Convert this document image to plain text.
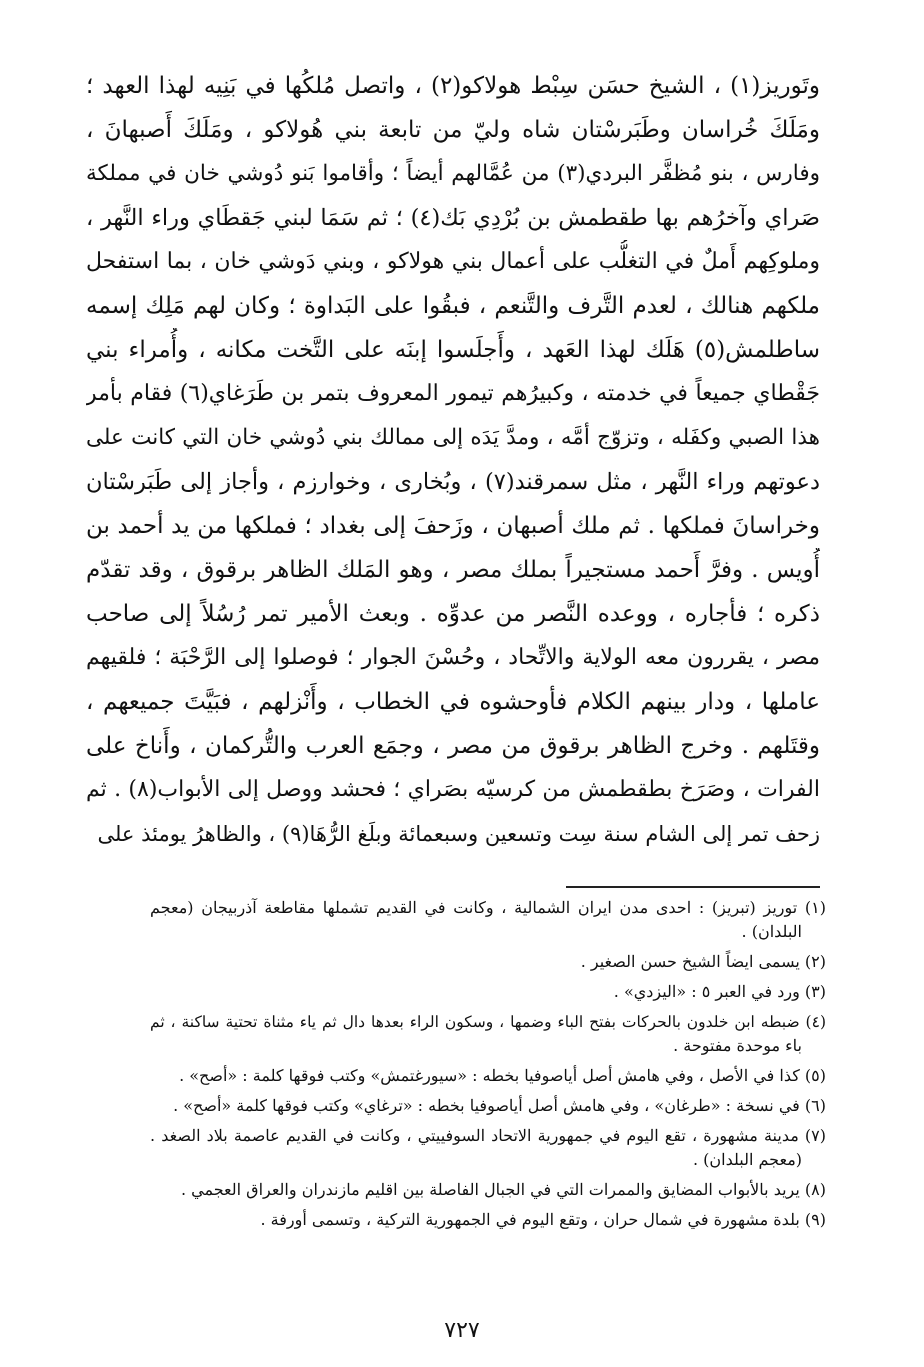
وتَوريز(١) ، الشيخ حسَن سِبْط هولاكو(٢) ، واتصل مُلكُها في بَنِيه لهذا العهد ؛
ومَلَكَ خُراسان وطَبَرسْتان شاه وليّ من تابعة بني هُولاكو ، ومَلَكَ أَصبهانَ ،
وفارس ، بنو مُظفَّر البردي(٣) من عُمَّالهم أيضاً ؛ وأقاموا بَنو دُوشي خان في مملكة
صَراي وآخرُهم بها طقطمش بن بُرْدِي بَك(٤) ؛ ثم سَمَا لبني جَقطَاي وراء النَّهر ،
وملوكِهم أَملٌ في التغلُّب على أعمال بني هولاكو ، وبني دَوشي خان ، بما استفحل
ملكهم هنالك ، لعدم التَّرف والتَّنعم ، فبقُوا على البَداوة ؛ وكان لهم مَلِك إسمه
ساطلمش(٥) هَلَك لهذا العَهد ، وأَجلَسوا إبنَه على التَّخت مكانه ، وأُمراء بني
جَقْطاي جميعاً في خدمته ، وكبيرُهم تيمور المعروف بتمر بن طَرَغاي(٦) فقام بأمر
هذا الصبي وكفَله ، وتزوّج أمَّه ، ومدَّ يَدَه إلى ممالك بني دُوشي خان التي كانت على
دعوتهم وراء النَّهر ، مثل سمرقند(٧) ، وبُخارى ، وخوارزم ، وأجاز إلى طَبَرسْتان
وخراسانَ فملكها . ثم ملك أصبهان ، وزَحفَ إلى بغداد ؛ فملكها من يد أحمد بن
أُويس . وفرَّ أَحمد مستجيراً بملك مصر ، وهو المَلك الظاهر برقوق ، وقد تقدّم
ذكره ؛ فأجاره ، ووعده النَّصر من عدوِّه . وبعث الأمير تمر رُسُلاً إلى صاحب
مصر ، يقررون معه الولاية والاتِّحاد ، وحُسْنَ الجوار ؛ فوصلوا إلى الرَّحْبَة ؛ فلقيهم
عاملها ، ودار بينهم الكلام فأوحشوه في الخطاب ، وأَنْزلهم ، فبَيَّتَ جميعهم ،
وقتَلهم . وخرج الظاهر برقوق من مصر ، وجمَع العرب والتُّركمان ، وأَناخ على
الفرات ، وصَرَخ بطقطمش من كرسيّه بصَراي ؛ فحشد ووصل إلى الأبواب(٨) . ثم
زحف تمر إلى الشام سنة سِت وتسعين وسبعمائة وبلَغ الرُّهَا(٩) ، والظاهرُ يومئذ على
(١) توريز (تبريز) : احدى مدن ايران الشمالية ، وكانت في القديم تشملها مقاطعة آذربيجان (معجم
البلدان) .
(٢) يسمى ايضاً الشيخ حسن الصغير .
(٣) ورد في العبر ٥ : «اليزدي» .
(٤) ضبطه ابن خلدون بالحركات بفتح الباء وضمها ، وسكون الراء بعدها دال ثم ياء مثناة تحتية ساكنة ، ثم
باء موحدة مفتوحة .
(٥) كذا في الأصل ، وفي هامش أصل أياصوفيا بخطه : «سيورغتمش» وكتب فوقها كلمة : «أصح» .
(٦) في نسخة : «طرغان» ، وفي هامش أصل أياصوفيا بخطه : «ترغاي» وكتب فوقها كلمة «أصح» .
(٧) مدينة مشهورة ، تقع اليوم في جمهورية الاتحاد السوفييتي ، وكانت في القديم عاصمة بلاد الصغد .
(معجم البلدان) .
(٨) يريد بالأبواب المضايق والممرات التي في الجبال الفاصلة بين اقليم مازندران والعراق العجمي .
(٩) بلدة مشهورة في شمال حران ، وتقع اليوم في الجمهورية التركية ، وتسمى أورفة .
٧٢٧
